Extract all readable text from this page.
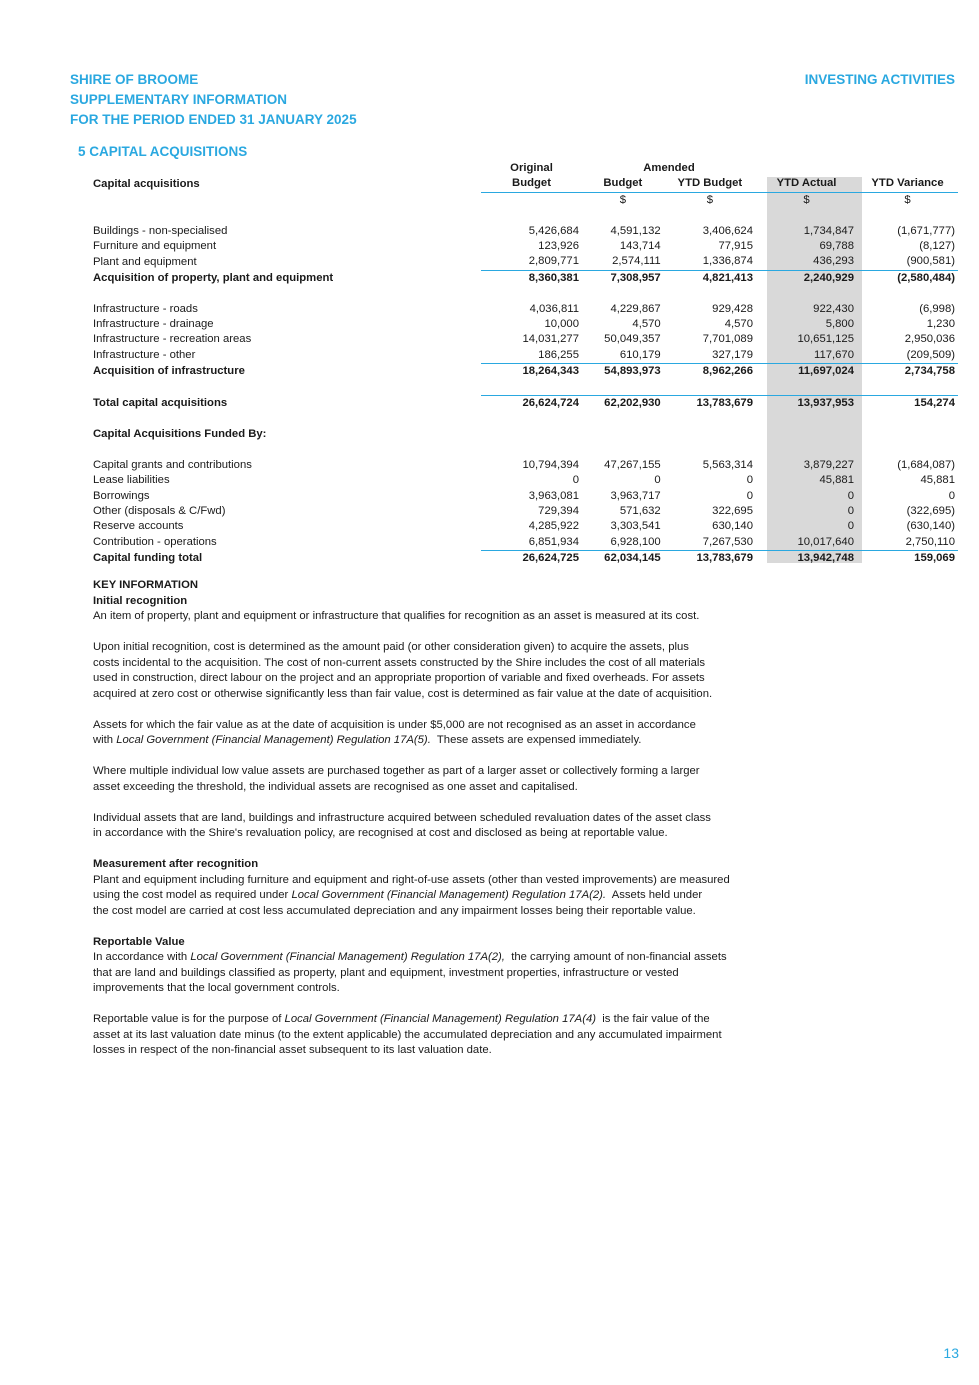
SHIRE OF BROOME
SUPPLEMENTARY INFORMATION
FOR THE PERIOD ENDED 31 JANUARY 2025
INVESTING ACTIVITIES
5 CAPITAL ACQUISITIONS
	Original	Amended			
Capital acquisitions	Budget	Budget	YTD Budget	YTD Actual	YTD Variance
		$	$	$	$

Buildings - non-specialised	5,426,684	4,591,132	3,406,624	1,734,847	(1,671,777)
Furniture and equipment	123,926	143,714	77,915	69,788	(8,127)
Plant and equipment	2,809,771	2,574,111	1,336,874	436,293	(900,581)
Acquisition of property, plant and equipment	8,360,381	7,308,957	4,821,413	2,240,929	(2,580,484)

Infrastructure - roads	4,036,811	4,229,867	929,428	922,430	(6,998)
Infrastructure - drainage	10,000	4,570	4,570	5,800	1,230
Infrastructure - recreation areas	14,031,277	50,049,357	7,701,089	10,651,125	2,950,036
Infrastructure - other	186,255	610,179	327,179	117,670	(209,509)
Acquisition of infrastructure	18,264,343	54,893,973	8,962,266	11,697,024	2,734,758

Total capital acquisitions	26,624,724	62,202,930	13,783,679	13,937,953	154,274

Capital Acquisitions Funded By:					

Capital grants and contributions	10,794,394	47,267,155	5,563,314	3,879,227	(1,684,087)
Lease liabilities	0	0	0	45,881	45,881
Borrowings	3,963,081	3,963,717	0	0	0
Other (disposals & C/Fwd)	729,394	571,632	322,695	0	(322,695)
Reserve accounts	4,285,922	3,303,541	630,140	0	(630,140)
Contribution - operations	6,851,934	6,928,100	7,267,530	10,017,640	2,750,110
Capital funding total	26,624,725	62,034,145	13,783,679	13,942,748	159,069
KEY INFORMATION
Initial recognition

An item of property, plant and equipment or infrastructure that qualifies for recognition as an asset is measured at its cost.

Upon initial recognition, cost is determined as the amount paid (or other consideration given) to acquire the assets, plus
costs incidental to the acquisition. The cost of non-current assets constructed by the Shire includes the cost of all materials
used in construction, direct labour on the project and an appropriate proportion of variable and fixed overheads. For assets
acquired at zero cost or otherwise significantly less than fair value, cost is determined as fair value at the date of acquisition.

Assets for which the fair value as at the date of acquisition is under $5,000 are not recognised as an asset in accordance
with Local Government (Financial Management) Regulation 17A(5).  These assets are expensed immediately.

Where multiple individual low value assets are purchased together as part of a larger asset or collectively forming a larger
asset exceeding the threshold, the individual assets are recognised as one asset and capitalised.

Individual assets that are land, buildings and infrastructure acquired between scheduled revaluation dates of the asset class
in accordance with the Shire's revaluation policy, are recognised at cost and disclosed as being at reportable value.

Measurement after recognition

Plant and equipment including furniture and equipment and right-of-use assets (other than vested improvements) are measured
using the cost model as required under Local Government (Financial Management) Regulation 17A(2).  Assets held under
the cost model are carried at cost less accumulated depreciation and any impairment losses being their reportable value.

Reportable Value

In accordance with Local Government (Financial Management) Regulation 17A(2),  the carrying amount of non-financial assets
that are land and buildings classified as property, plant and equipment, investment properties, infrastructure or vested
improvements that the local government controls.

Reportable value is for the purpose of Local Government (Financial Management) Regulation 17A(4)  is the fair value of the
asset at its last valuation date minus (to the extent applicable) the accumulated depreciation and any accumulated impairment
losses in respect of the non-financial asset subsequent to its last valuation date.

13
